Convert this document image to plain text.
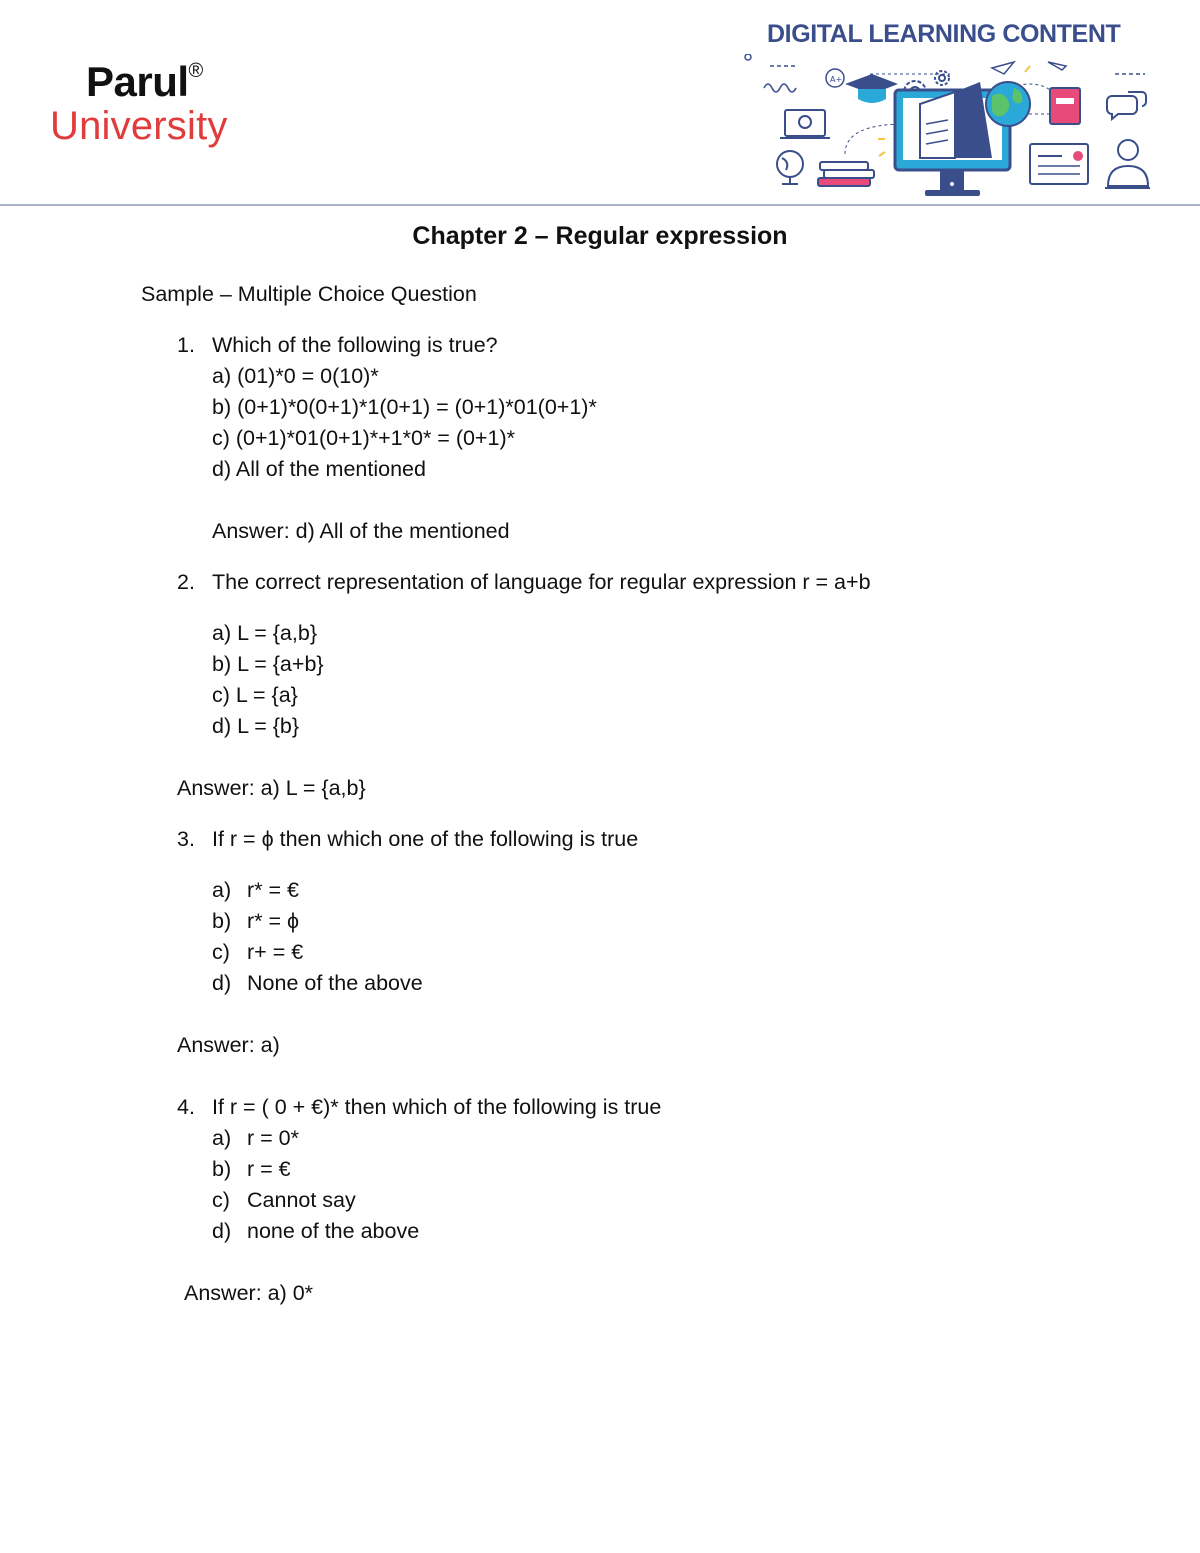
Parul®
University
DIGITAL LEARNING CONTENT
A+
Chapter 2 – Regular expression
Sample – Multiple Choice Question
1. Which of the following is true?
a) (01)*0 = 0(10)*
b) (0+1)*0(0+1)*1(0+1) = (0+1)*01(0+1)*
c) (0+1)*01(0+1)*+1*0* = (0+1)*
d) All of the mentioned
Answer: d) All of the mentioned
2. The correct representation of language for regular expression r = a+b
a) L = {a,b}
b) L = {a+b}
c) L = {a}
d) L = {b}
Answer: a) L = {a,b}
3. If r = ϕ then which one of the following is true
a) r* = €
b) r* = ϕ
c) r+ = €
d) None of the above
Answer: a)
4. If r = ( 0 + €)* then which of the following is true
a) r = 0*
b) r = €
c) Cannot say
d) none of the above
Answer: a) 0*
